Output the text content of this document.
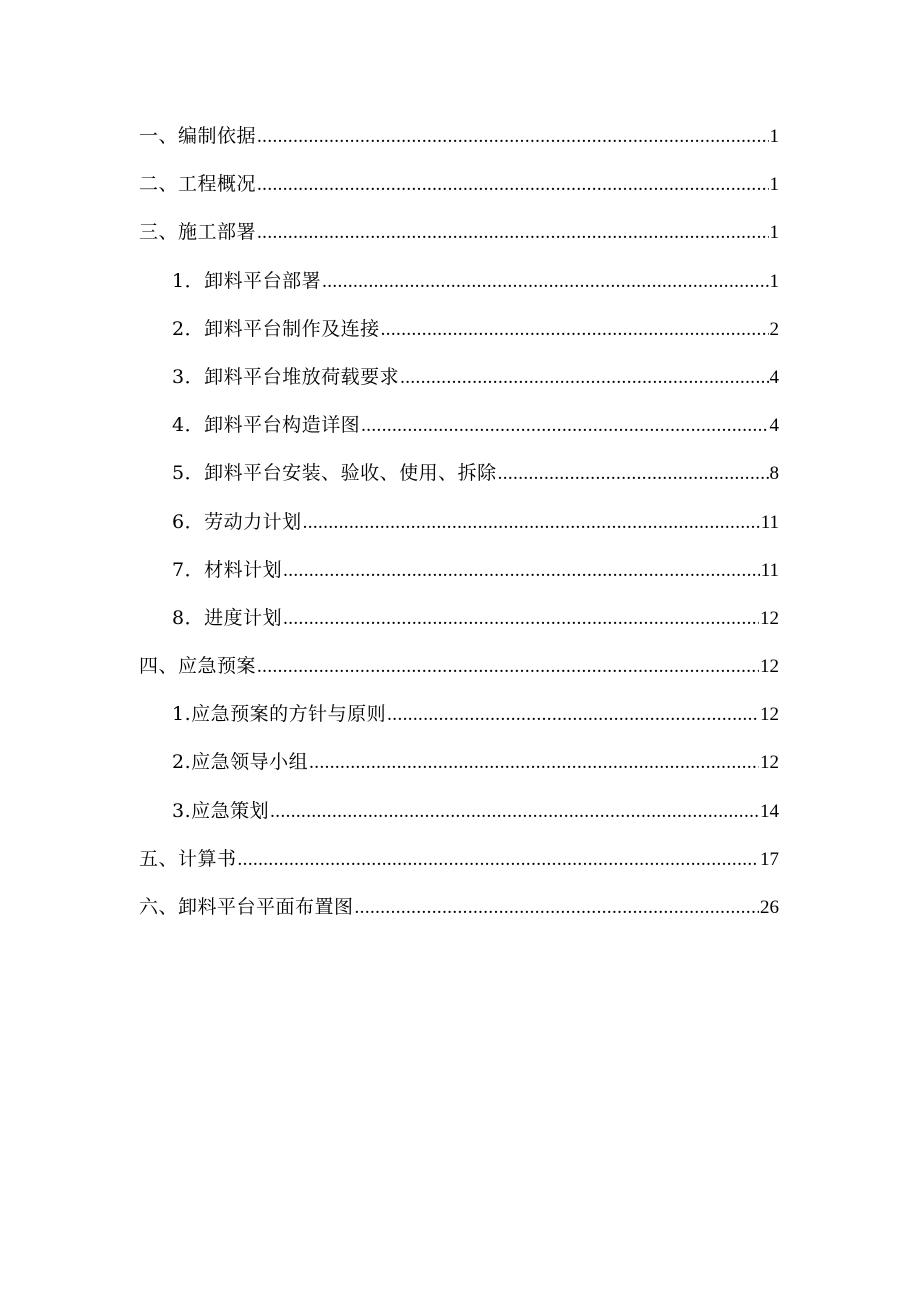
一、编制依据 .....	1
二、工程概况 .....	1
三、施工部署 .....	1
1．卸料平台部署 .....	1
2．卸料平台制作及连接 .....	2
3．卸料平台堆放荷载要求 .....	4
4．卸料平台构造详图 .....	4
5．卸料平台安装、验收、使用、拆除 .....	8
6．劳动力计划 .....	11
7．材料计划 .....	11
8．进度计划 .....	12
四、应急预案 .....	12
1.应急预案的方针与原则 .....	12
2.应急领导小组 .....	12
3.应急策划 .....	14
五、计算书 .....	17
六、卸料平台平面布置图 .....	26
